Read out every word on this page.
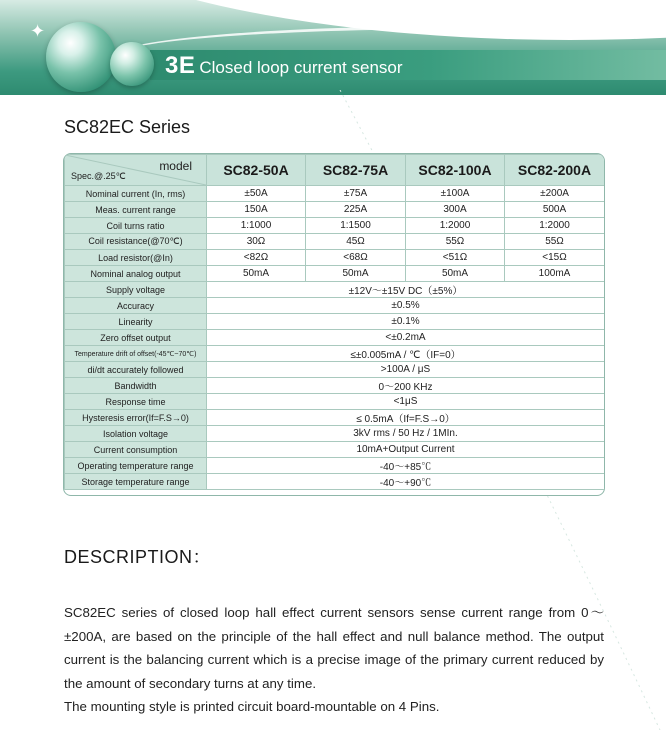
✦
3E Closed loop current sensor
SC82EC Series
model
Spec.@.25℃	SC82-50A	SC82-75A	SC82-100A	SC82-200A
Nominal current (In, rms)	±50A	±75A	±100A	±200A
Meas. current range	150A	225A	300A	500A
Coil turns ratio	1:1000	1:1500	1:2000	1:2000
Coil resistance(@70℃)	30Ω	45Ω	55Ω	55Ω
Load resistor(@In)	<82Ω	<68Ω	<51Ω	<15Ω
Nominal analog output	50mA	50mA	50mA	100mA
Supply voltage	±12V～±15V DC（±5%）			
Accuracy	±0.5%			
Linearity	±0.1%			
Zero offset output	<±0.2mA			
Temperature drift of offset(-45℃~70℃)	≤±0.005mA / ℃（IF=0）			
di/dt accurately followed	>100A / μS			
Bandwidth	0～200 KHz			
Response time	<1μS			
Hysteresis error(If=F.S→0)	≤ 0.5mA（If=F.S→0）			
Isolation voltage	3kV rms / 50 Hz / 1MIn.			
Current consumption	10mA+Output Current			
Operating temperature range	-40～+85℃			
Storage temperature range	-40～+90℃			
DESCRIPTION：

SC82EC series of closed loop hall effect current sensors sense current range from 0～±200A, are based on the principle of the hall effect and null balance method. The output current is the balancing current which is a precise image of the primary current reduced by the amount of secondary turns at any time.

The mounting style is printed circuit board-mountable on 4 Pins.
